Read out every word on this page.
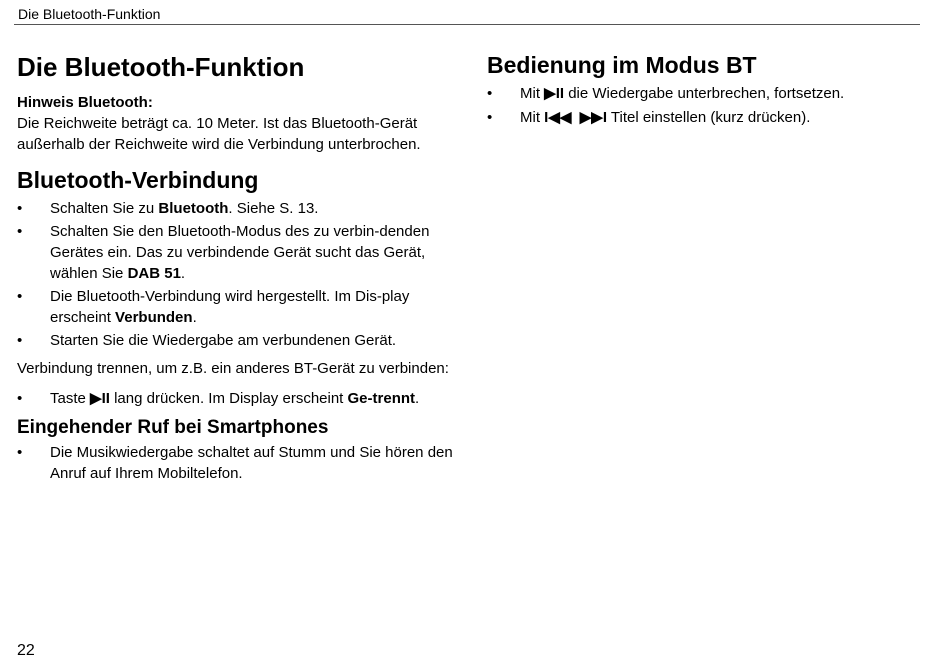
Die Bluetooth-Funktion
Die Bluetooth-Funktion
Hinweis Bluetooth:

Die Reichweite beträgt ca. 10 Meter. Ist das Bluetooth-Gerät außerhalb der Reichweite wird die Verbindung unterbrochen.

Bluetooth-Verbindung
• Schalten Sie zu Bluetooth. Siehe S. 13.
• Schalten Sie den Bluetooth-Modus des zu verbin-denden Gerätes ein. Das zu verbindende Gerät sucht das Gerät, wählen Sie DAB 51.
• Die Bluetooth-Verbindung wird hergestellt. Im Dis-play erscheint Verbunden.
• Starten Sie die Wiedergabe am verbundenen Gerät.

Verbindung trennen, um z.B. ein anderes BT-Gerät zu verbinden:

• Taste ▶II lang drücken. Im Display erscheint Ge-trennt.
Eingehender Ruf bei Smartphones
• Die Musikwiedergabe schaltet auf Stumm und Sie hören den Anruf auf Ihrem Mobiltelefon.
Bedienung im Modus BT
• Mit ▶II die Wiedergabe unterbrechen, fortsetzen.
• Mit I◀◀  ▶▶I Titel einstellen (kurz drücken).
22
